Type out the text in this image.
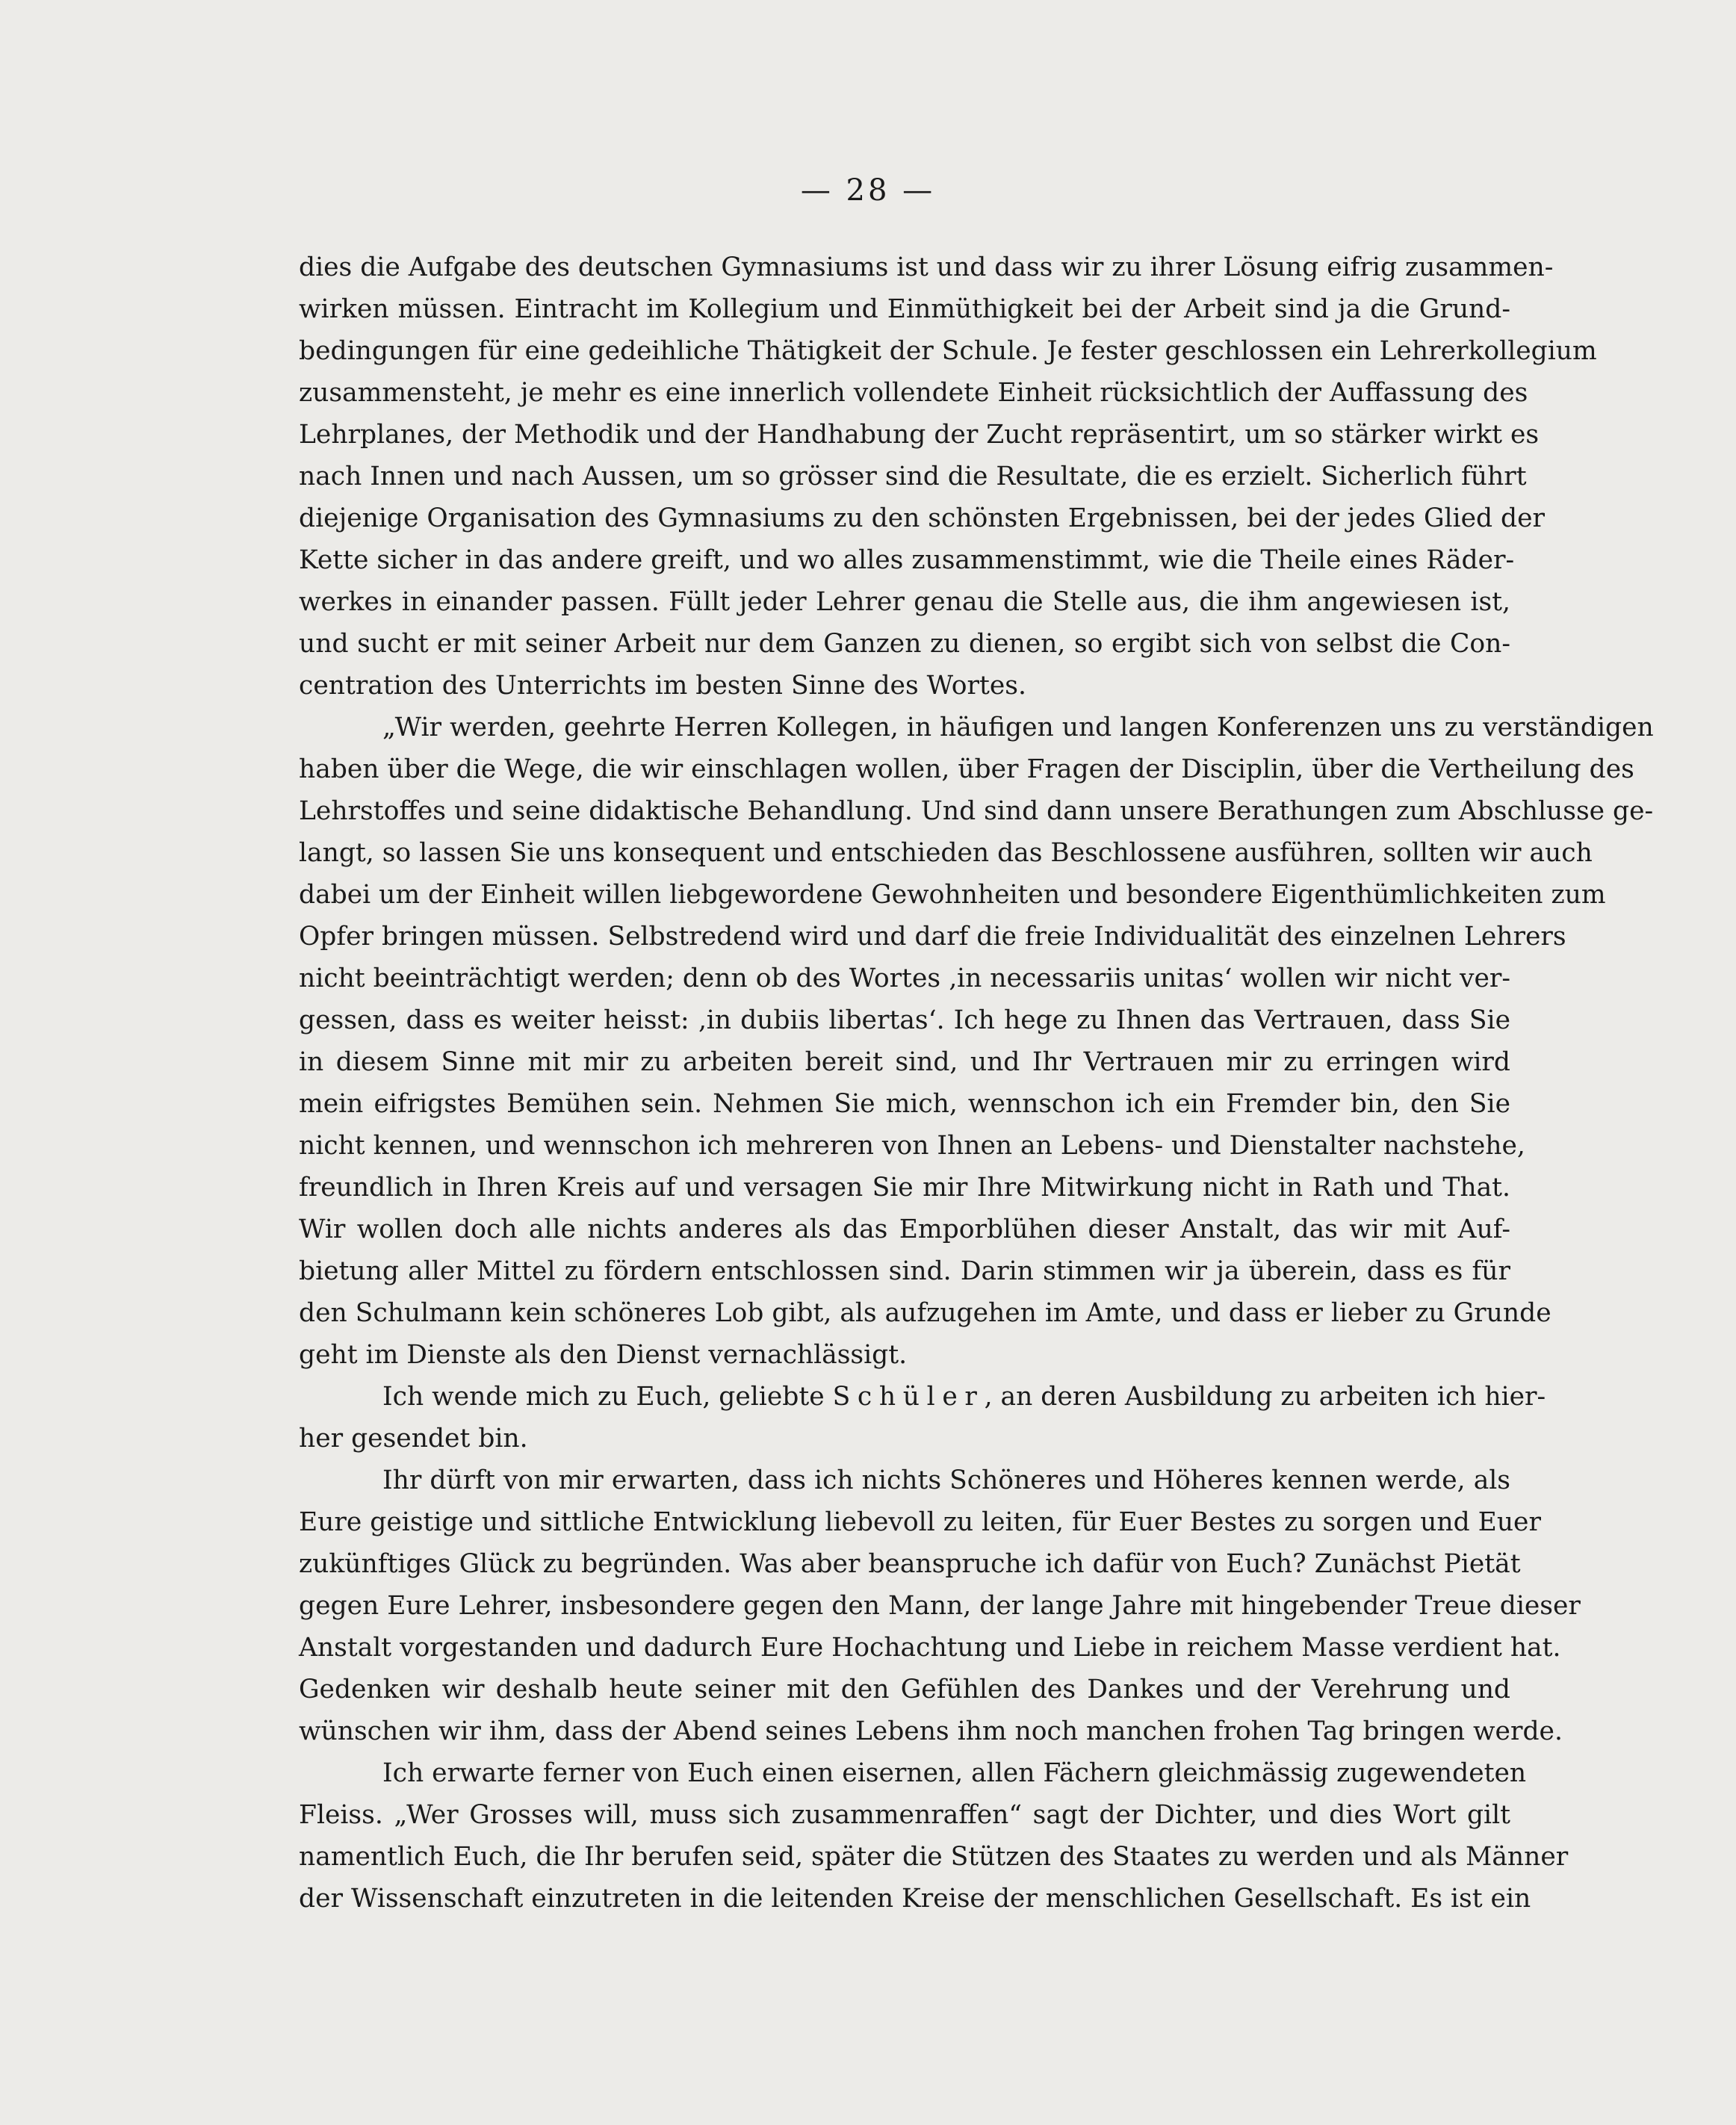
— 28 —
dies die Aufgabe des deutschen Gymnasiums ist und dass wir zu ihrer Lösung eifrig zusammen-
wirken müssen. Eintracht im Kollegium und Einmüthigkeit bei der Arbeit sind ja die Grund-
bedingungen für eine gedeihliche Thätigkeit der Schule. Je fester geschlossen ein Lehrerkollegium
zusammensteht, je mehr es eine innerlich vollendete Einheit rücksichtlich der Auffassung des
Lehrplanes, der Methodik und der Handhabung der Zucht repräsentirt, um so stärker wirkt es
nach Innen und nach Aussen, um so grösser sind die Resultate, die es erzielt. Sicherlich führt
diejenige Organisation des Gymnasiums zu den schönsten Ergebnissen, bei der jedes Glied der
Kette sicher in das andere greift, und wo alles zusammenstimmt, wie die Theile eines Räder-
werkes in einander passen. Füllt jeder Lehrer genau die Stelle aus, die ihm angewiesen ist,
und sucht er mit seiner Arbeit nur dem Ganzen zu dienen, so ergibt sich von selbst die Con-
centration des Unterrichts im besten Sinne des Wortes.
„Wir werden, geehrte Herren Kollegen, in häufigen und langen Konferenzen uns zu verständigen
haben über die Wege, die wir einschlagen wollen, über Fragen der Disciplin, über die Vertheilung des
Lehrstoffes und seine didaktische Behandlung. Und sind dann unsere Berathungen zum Abschlusse ge-
langt, so lassen Sie uns konsequent und entschieden das Beschlossene ausführen, sollten wir auch
dabei um der Einheit willen liebgewordene Gewohnheiten und besondere Eigenthümlichkeiten zum
Opfer bringen müssen. Selbstredend wird und darf die freie Individualität des einzelnen Lehrers
nicht beeinträchtigt werden; denn ob des Wortes ‚in necessariis unitas‘ wollen wir nicht ver-
gessen, dass es weiter heisst: ‚in dubiis libertas‘. Ich hege zu Ihnen das Vertrauen, dass Sie
in diesem Sinne mit mir zu arbeiten bereit sind, und Ihr Vertrauen mir zu erringen wird
mein eifrigstes Bemühen sein. Nehmen Sie mich, wennschon ich ein Fremder bin, den Sie
nicht kennen, und wennschon ich mehreren von Ihnen an Lebens- und Dienstalter nachstehe,
freundlich in Ihren Kreis auf und versagen Sie mir Ihre Mitwirkung nicht in Rath und That.
Wir wollen doch alle nichts anderes als das Emporblühen dieser Anstalt, das wir mit Auf-
bietung aller Mittel zu fördern entschlossen sind. Darin stimmen wir ja überein, dass es für
den Schulmann kein schöneres Lob gibt, als aufzugehen im Amte, und dass er lieber zu Grunde
geht im Dienste als den Dienst vernachlässigt.
Ich wende mich zu Euch, geliebte Schüler, an deren Ausbildung zu arbeiten ich hier-
her gesendet bin.
Ihr dürft von mir erwarten, dass ich nichts Schöneres und Höheres kennen werde, als
Eure geistige und sittliche Entwicklung liebevoll zu leiten, für Euer Bestes zu sorgen und Euer
zukünftiges Glück zu begründen. Was aber beanspruche ich dafür von Euch? Zunächst Pietät
gegen Eure Lehrer, insbesondere gegen den Mann, der lange Jahre mit hingebender Treue dieser
Anstalt vorgestanden und dadurch Eure Hochachtung und Liebe in reichem Masse verdient hat.
Gedenken wir deshalb heute seiner mit den Gefühlen des Dankes und der Verehrung und
wünschen wir ihm, dass der Abend seines Lebens ihm noch manchen frohen Tag bringen werde.
Ich erwarte ferner von Euch einen eisernen, allen Fächern gleichmässig zugewendeten
Fleiss. „Wer Grosses will, muss sich zusammenraffen“ sagt der Dichter, und dies Wort gilt
namentlich Euch, die Ihr berufen seid, später die Stützen des Staates zu werden und als Männer
der Wissenschaft einzutreten in die leitenden Kreise der menschlichen Gesellschaft. Es ist ein
